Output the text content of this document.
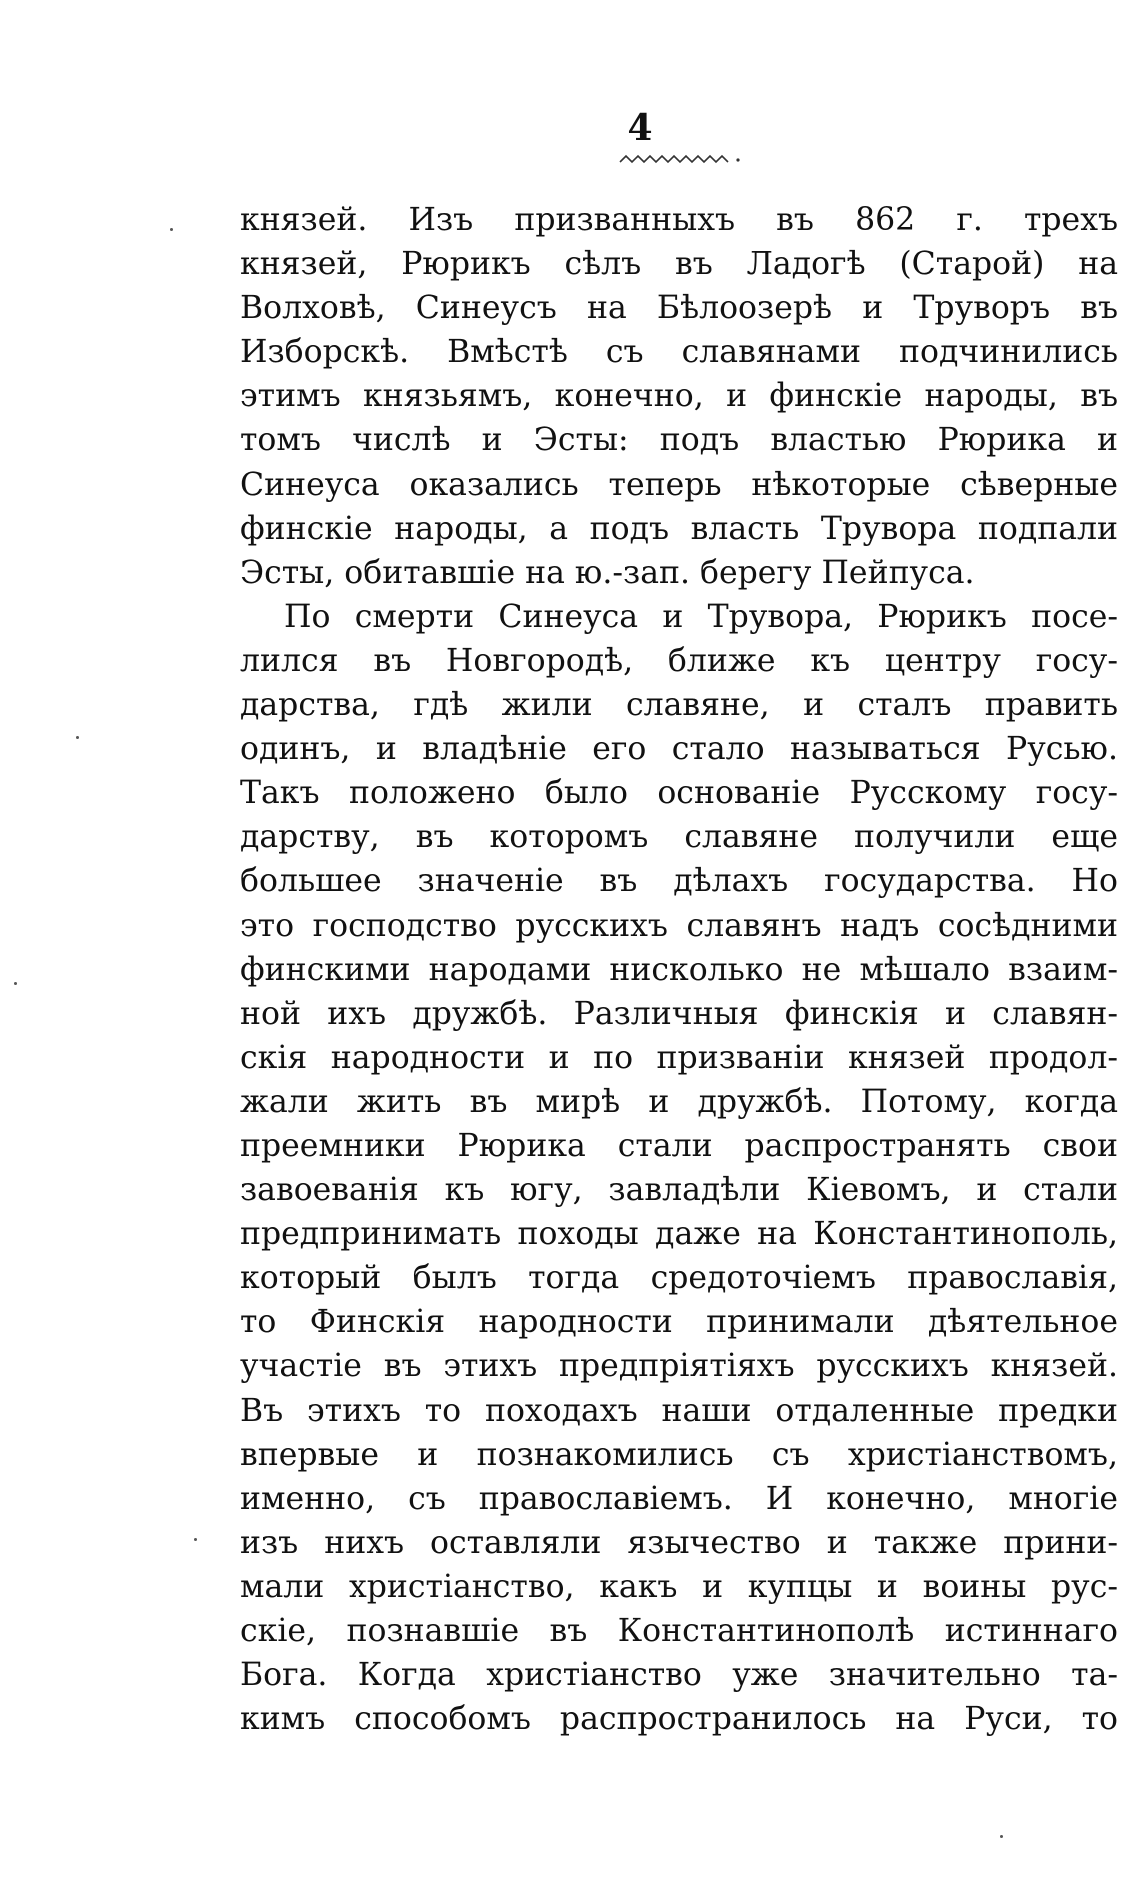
4
князей. Изъ призванныхъ въ 862 г. трехъ
князей, Рюрикъ сѣлъ въ Ладогѣ (Старой) на
Волховѣ, Синеусъ на Бѣлоозерѣ и Труворъ въ
Изборскѣ. Вмѣстѣ съ славянами подчинились
этимъ князьямъ, конечно, и финскіе народы, въ
томъ числѣ и Эсты: подъ властью Рюрика и
Синеуса оказались теперь нѣкоторые сѣверные
финскіе народы, а подъ власть Трувора подпали
Эсты, обитавшіе на ю.-зап. берегу Пейпуса.
По смерти Синеуса и Трувора, Рюрикъ посе-
лился въ Новгородѣ, ближе къ центру госу-
дарства, гдѣ жили славяне, и сталъ править
одинъ, и владѣніе его стало называться Русью.
Такъ положено было основаніе Русскому госу-
дарству, въ которомъ славяне получили еще
большее значеніе въ дѣлахъ государства. Но
это господство русскихъ славянъ надъ сосѣдними
финскими народами нисколько не мѣшало взаим-
ной ихъ дружбѣ. Различныя финскія и славян-
скія народности и по призваніи князей продол-
жали жить въ мирѣ и дружбѣ. Потому, когда
преемники Рюрика стали распространять свои
завоеванія къ югу, завладѣли Кіевомъ, и стали
предпринимать походы даже на Константинополь,
который былъ тогда средоточіемъ православія,
то Финскія народности принимали дѣятельное
участіе въ этихъ предпріятіяхъ русскихъ князей.
Въ этихъ то походахъ наши отдаленные предки
впервые и познакомились съ христіанствомъ,
именно, съ православіемъ. И конечно, многіе
изъ нихъ оставляли язычество и также прини-
мали христіанство, какъ и купцы и воины рус-
скіе, познавшіе въ Константинополѣ истиннаго
Бога. Когда христіанство уже значительно та-
кимъ способомъ распространилось на Руси, то
